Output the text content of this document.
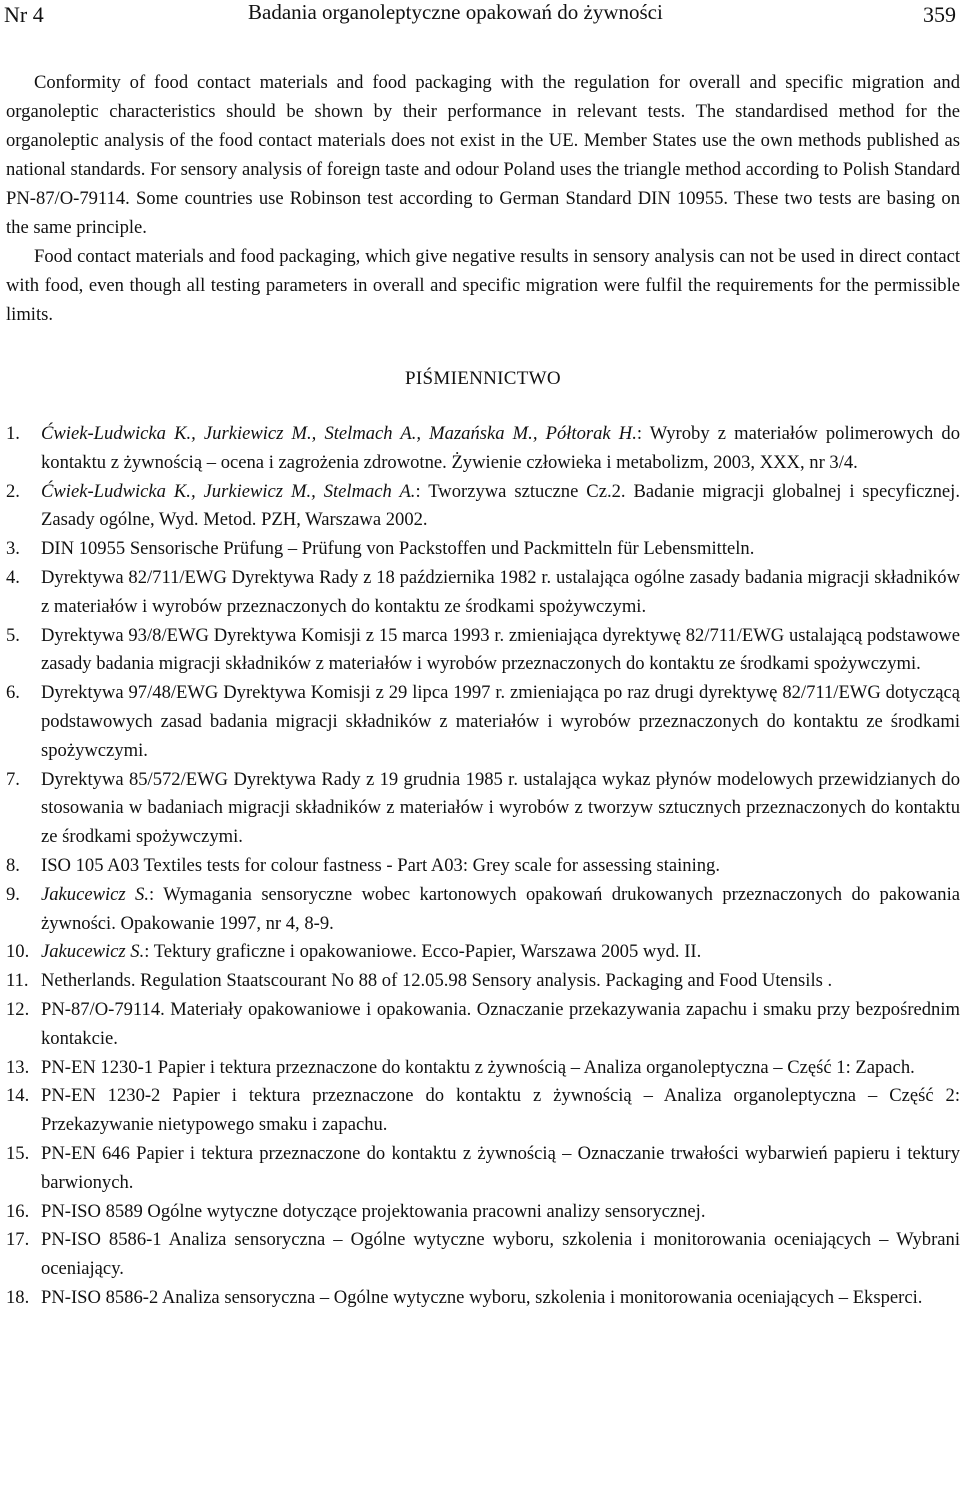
Nr 4	Badania organoleptyczne opakowań do żywności	359

Conformity of food contact materials and food packaging with the regulation for overall and specific migration and organoleptic characteristics should be shown by their performance in relevant tests. The standardised method for the organoleptic analysis of the food contact materials does not exist in the UE. Member States use the own methods published as national standards. For sensory analysis of foreign taste and odour Poland uses the triangle method according to Polish Standard PN-87/O-79114. Some countries use Robinson test according to German Standard DIN 10955. These two tests are basing on the same principle.

Food contact materials and food packaging, which give negative results in sensory analysis can not be used in direct contact with food, even though all testing parameters in overall and specific migration were fulfil the requirements for the permissible limits.

PIŚMIENNICTWO
1. Ćwiek-Ludwicka K., Jurkiewicz M., Stelmach A., Mazańska M., Półtorak H.: Wyroby z materiałów polimerowych do kontaktu z żywnością – ocena i zagrożenia zdrowotne. Żywienie człowieka i metabolizm, 2003, XXX, nr 3/4.
2. Ćwiek-Ludwicka K., Jurkiewicz M., Stelmach A.: Tworzywa sztuczne Cz.2. Badanie migracji globalnej i specyficznej. Zasady ogólne, Wyd. Metod. PZH, Warszawa 2002.
3. DIN 10955 Sensorische Prüfung – Prüfung von Packstoffen und Packmitteln für Lebensmitteln.
4. Dyrektywa 82/711/EWG Dyrektywa Rady z 18 października 1982 r. ustalająca ogólne zasady badania migracji składników z materiałów i wyrobów przeznaczonych do kontaktu ze środkami spożywczymi.
5. Dyrektywa 93/8/EWG Dyrektywa Komisji z 15 marca 1993 r. zmieniająca dyrektywę 82/711/EWG ustalającą podstawowe zasady badania migracji składników z materiałów i wyrobów przeznaczonych do kontaktu ze środkami spożywczymi.
6. Dyrektywa 97/48/EWG Dyrektywa Komisji z 29 lipca 1997 r. zmieniająca po raz drugi dyrektywę 82/711/EWG dotyczącą podstawowych zasad badania migracji składników z materiałów i wyrobów przeznaczonych do kontaktu ze środkami spożywczymi.
7. Dyrektywa 85/572/EWG Dyrektywa Rady z 19 grudnia 1985 r. ustalająca wykaz płynów modelowych przewidzianych do stosowania w badaniach migracji składników z materiałów i wyrobów z tworzyw sztucznych przeznaczonych do kontaktu ze środkami spożywczymi.
8. ISO 105 A03 Textiles tests for colour fastness - Part A03: Grey scale for assessing staining.
9. Jakucewicz S.: Wymagania sensoryczne wobec kartonowych opakowań drukowanych przeznaczonych do pakowania żywności. Opakowanie 1997, nr 4, 8-9.
10. Jakucewicz S.: Tektury graficzne i opakowaniowe. Ecco-Papier, Warszawa 2005 wyd. II.
11. Netherlands. Regulation Staatscourant No 88 of 12.05.98 Sensory analysis. Packaging and Food Utensils .
12. PN-87/O-79114. Materiały opakowaniowe i opakowania. Oznaczanie przekazywania zapachu i smaku przy bezpośrednim kontakcie.
13. PN-EN 1230-1 Papier i tektura przeznaczone do kontaktu z żywnością – Analiza organoleptyczna – Część 1: Zapach.
14. PN-EN 1230-2 Papier i tektura przeznaczone do kontaktu z żywnością – Analiza organoleptyczna – Część 2: Przekazywanie nietypowego smaku i zapachu.
15. PN-EN 646 Papier i tektura przeznaczone do kontaktu z żywnością – Oznaczanie trwałości wybarwień papieru i tektury barwionych.
16. PN-ISO 8589 Ogólne wytyczne dotyczące projektowania pracowni analizy sensorycznej.
17. PN-ISO 8586-1 Analiza sensoryczna – Ogólne wytyczne wyboru, szkolenia i monitorowania oceniających – Wybrani oceniający.
18. PN-ISO 8586-2 Analiza sensoryczna – Ogólne wytyczne wyboru, szkolenia i monitorowania oceniających – Eksperci.
